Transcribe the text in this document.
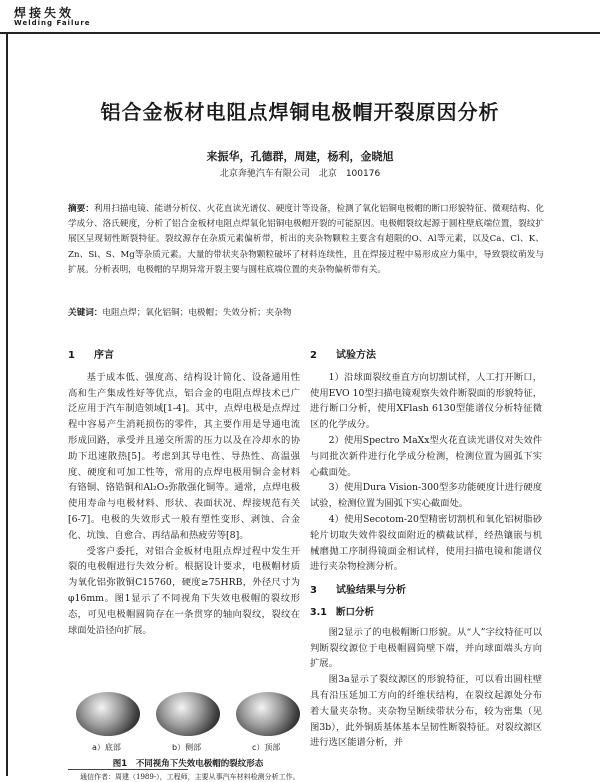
焊接失效
Welding Failure
铝合金板材电阻点焊铜电极帽开裂原因分析
来振华，孔德群，周建，杨利，金晓旭
北京奔驰汽车有限公司　北京　100176
摘要：利用扫描电镜、能谱分析仪、火花直读光谱仪、硬度计等设备，检测了氧化铝铜电极帽的断口形貌特征、微观结构、化学成分、洛氏硬度，分析了铝合金板材电阻点焊氧化铝铜电极帽开裂的可能原因。电极帽裂纹起源于圆柱壁底端位置，裂纹扩展区呈现韧性断裂特征。裂纹源存在杂质元素偏析带，析出的夹杂物颗粒主要含有超限的O、Al等元素，以及Ca、Cl、K、Zn、Si、S、Mg等杂质元素。大量的带状夹杂物颗粒破坏了材料连续性，且在焊接过程中易形成应力集中，导致裂纹萌发与扩展。分析表明，电极帽的早期异常开裂主要与圆柱底端位置的夹杂物偏析带有关。
关键词：电阻点焊；氧化铝铜；电极帽；失效分析；夹杂物
1 序言

基于成本低、强度高、结构设计简化、设备通用性高和生产集成性好等优点，铝合金的电阻点焊技术已广泛应用于汽车制造领域[1-4]。其中，点焊电极是点焊过程中容易产生消耗损伤的零件，其主要作用是导通电流形成回路，承受并且递交所需的压力以及在冷却水的协助下迅速散热[5]。考虑到其导电性、导热性、高温强度、硬度和可加工性等，常用的点焊电极用铜合金材料有铬铜、铬锆铜和Al₂O₃弥散强化铜等。通常，点焊电极使用寿命与电极材料、形状、表面状况、焊接规范有关[6-7]。电极的失效形式一般有塑性变形、剥蚀、合金化、坑蚀、自愈合、再结晶和热疲劳等[8]。

受客户委托，对铝合金板材电阻点焊过程中发生开裂的电极帽进行失效分析。根据设计要求，电极帽材质为氧化铝弥散铜C15760，硬度≥75HRB，外径尺寸为φ16mm。图1显示了不同视角下失效电极帽的裂纹形态，可见电极帽圆筒存在一条贯穿的轴向裂纹，裂纹在球面处沿径向扩展。

a）底部	b）侧部	c）顶部
图1　不同视角下失效电极帽的裂纹形态
2 试验方法

1）沿球面裂纹垂直方向切割试样，人工打开断口，使用EVO 10型扫描电镜观察失效件断裂面的形貌特征，进行断口分析，使用XFlash 6130型能谱仪分析特征微区的化学成分。

2）使用Spectro MaXx型火花直读光谱仪对失效件与同批次新件进行化学成分检测，检测位置为圆弧下实心截面处。

3）使用Dura Vision-300型多功能硬度计进行硬度试验，检测位置为圆弧下实心截面处。

4）使用Secotom-20型精密切割机和氧化铝树脂砂轮片切取失效件裂纹面附近的横截试样，经热镶嵌与机械磨抛工序制得镜面金相试样，使用扫描电镜和能谱仪进行夹杂物检测分析。

3 试验结果与分析
3.1 断口分析

图2显示了的电极帽断口形貌。从“人”字纹特征可以判断裂纹源位于电极帽圆筒壁下端，并向球面端头方向扩展。

图3a显示了裂纹源区的形貌特征，可以看出圆柱壁具有沿压延加工方向的纤维状结构，在裂纹起源处分布着大量夹杂物。夹杂物呈断续带状分布，较为密集（见图3b），此外铜质基体基本呈韧性断裂特征。对裂纹源区进行选区能谱分析，并

通信作者：周建（1989-），工程师，主要从事汽车材料检测分析工作。
